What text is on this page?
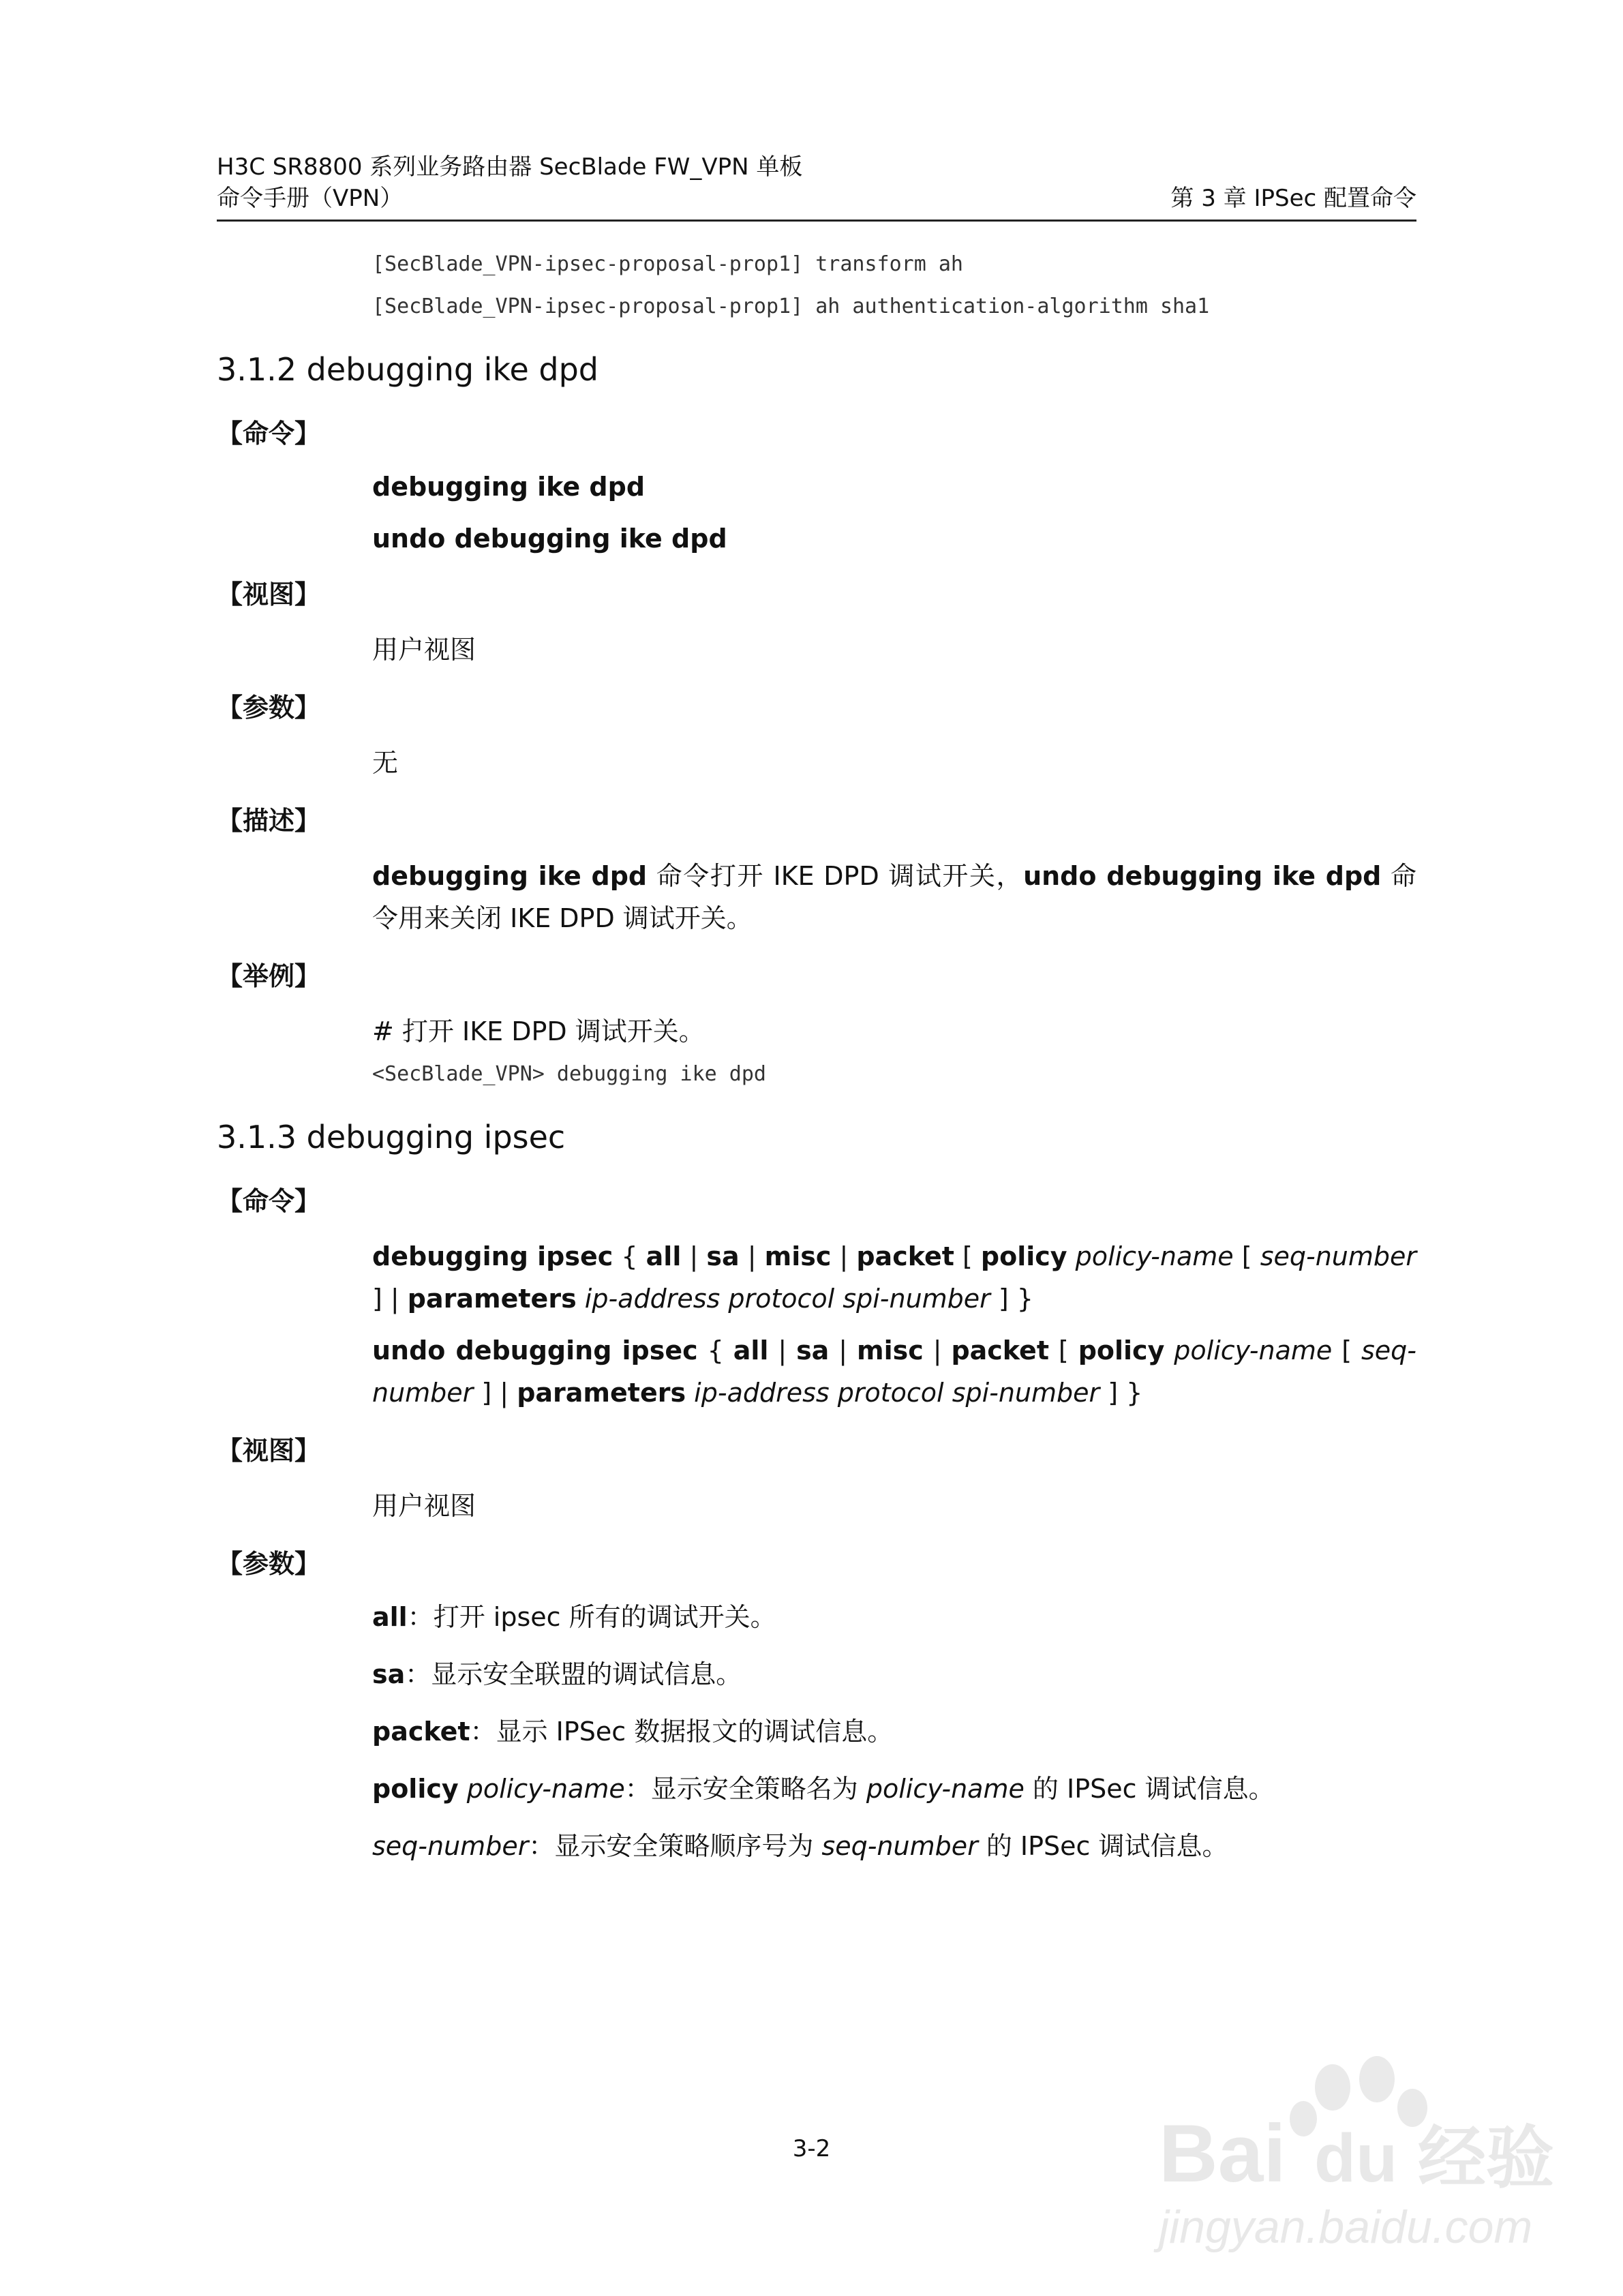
H3C SR8800 系列业务路由器 SecBlade FW_VPN 单板
命令手册（VPN）	第 3 章 IPSec 配置命令
[SecBlade_VPN-ipsec-proposal-prop1] transform ah
[SecBlade_VPN-ipsec-proposal-prop1] ah authentication-algorithm sha1
3.1.2 debugging ike dpd
【命令】
debugging ike dpd
undo debugging ike dpd
【视图】
用户视图
【参数】
无
【描述】
debugging ike dpd 命令打开 IKE DPD 调试开关，undo debugging ike dpd 命令用来关闭 IKE DPD 调试开关。
【举例】
# 打开 IKE DPD 调试开关。
<SecBlade_VPN> debugging ike dpd
3.1.3 debugging ipsec
【命令】
debugging ipsec { all | sa | misc | packet [ policy policy-name [ seq-number ] | parameters ip-address protocol spi-number ] }
undo debugging ipsec { all | sa | misc | packet [ policy policy-name [ seq-number ] | parameters ip-address protocol spi-number ] }
【视图】
用户视图
【参数】
all：打开 ipsec 所有的调试开关。
sa：显示安全联盟的调试信息。
packet：显示 IPSec 数据报文的调试信息。
policy policy-name：显示安全策略名为 policy-name 的 IPSec 调试信息。
seq-number：显示安全策略顺序号为 seq-number 的 IPSec 调试信息。
3-2	Bai du 经验
jingyan.baidu.com
